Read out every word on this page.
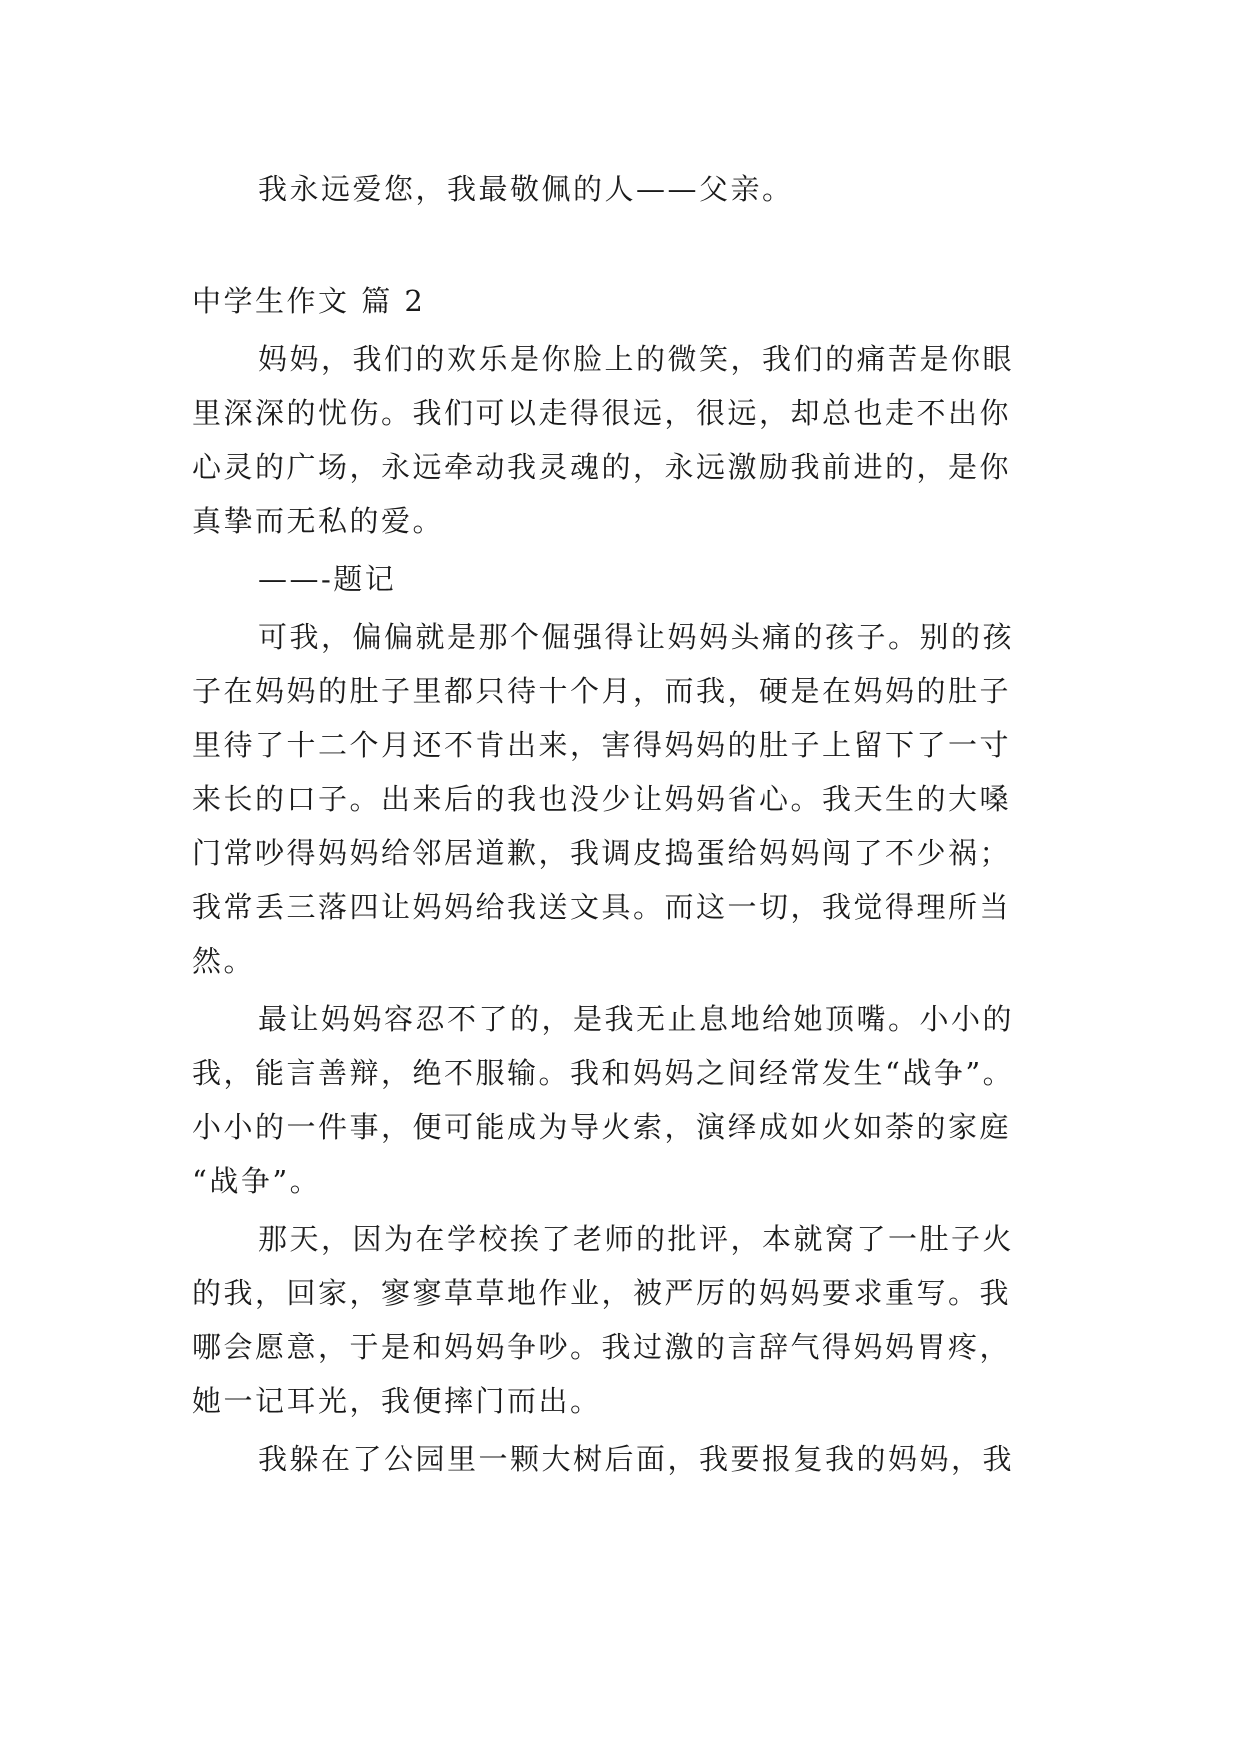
我永远爱您，我最敬佩的人——父亲。
中学生作文 篇 2
妈妈，我们的欢乐是你脸上的微笑，我们的痛苦是你眼
里深深的忧伤。我们可以走得很远，很远，却总也走不出你
心灵的广场，永远牵动我灵魂的，永远激励我前进的，是你
真挚而无私的爱。
——-题记
可我，偏偏就是那个倔强得让妈妈头痛的孩子。别的孩
子在妈妈的肚子里都只待十个月，而我，硬是在妈妈的肚子
里待了十二个月还不肯出来，害得妈妈的肚子上留下了一寸
来长的口子。出来后的我也没少让妈妈省心。我天生的大嗓
门常吵得妈妈给邻居道歉，我调皮捣蛋给妈妈闯了不少祸；
我常丢三落四让妈妈给我送文具。而这一切，我觉得理所当
然。
最让妈妈容忍不了的，是我无止息地给她顶嘴。小小的
我，能言善辩，绝不服输。我和妈妈之间经常发生“战争”。
小小的一件事，便可能成为导火索，演绎成如火如荼的家庭
“战争”。
那天，因为在学校挨了老师的批评，本就窝了一肚子火
的我，回家，寥寥草草地作业，被严厉的妈妈要求重写。我
哪会愿意，于是和妈妈争吵。我过激的言辞气得妈妈胃疼，
她一记耳光，我便摔门而出。
我躲在了公园里一颗大树后面，我要报复我的妈妈，我
